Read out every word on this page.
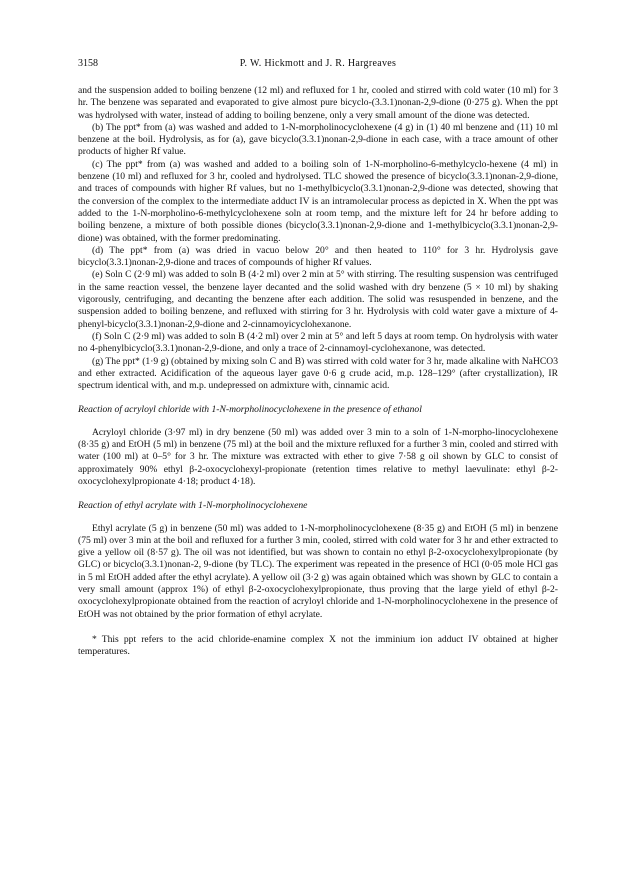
3158	P. W. Hickmott and J. R. Hargreaves

and the suspension added to boiling benzene (12 ml) and refluxed for 1 hr, cooled and stirred with cold water (10 ml) for 3 hr. The benzene was separated and evaporated to give almost pure bicyclo-(3.3.1)nonan-2,9-dione (0·275 g). When the ppt was hydrolysed with water, instead of adding to boiling benzene, only a very small amount of the dione was detected.

(b) The ppt* from (a) was washed and added to 1-N-morpholinocyclohexene (4 g) in (1) 40 ml benzene and (11) 10 ml benzene at the boil. Hydrolysis, as for (a), gave bicyclo(3.3.1)nonan-2,9-dione in each case, with a trace amount of other products of higher Rf value.

(c) The ppt* from (a) was washed and added to a boiling soln of 1-N-morpholino-6-methylcyclo-hexene (4 ml) in benzene (10 ml) and refluxed for 3 hr, cooled and hydrolysed. TLC showed the presence of bicyclo(3.3.1)nonan-2,9-dione, and traces of compounds with higher Rf values, but no 1-methylbicyclo(3.3.1)nonan-2,9-dione was detected, showing that the conversion of the complex to the intermediate adduct IV is an intramolecular process as depicted in X. When the ppt was added to the 1-N-morpholino-6-methylcyclohexene soln at room temp, and the mixture left for 24 hr before adding to boiling benzene, a mixture of both possible diones (bicyclo(3.3.1)nonan-2,9-dione and 1-methylbicyclo(3.3.1)nonan-2,9-dione) was obtained, with the former predominating.

(d) The ppt* from (a) was dried in vacuo below 20° and then heated to 110° for 3 hr. Hydrolysis gave bicyclo(3.3.1)nonan-2,9-dione and traces of compounds of higher Rf values.

(e) Soln C (2·9 ml) was added to soln B (4·2 ml) over 2 min at 5° with stirring. The resulting suspension was centrifuged in the same reaction vessel, the benzene layer decanted and the solid washed with dry benzene (5 × 10 ml) by shaking vigorously, centrifuging, and decanting the benzene after each addition. The solid was resuspended in benzene, and the suspension added to boiling benzene, and refluxed with stirring for 3 hr. Hydrolysis with cold water gave a mixture of 4-phenyl-bicyclo(3.3.1)nonan-2,9-dione and 2-cinnamoyicyclohexanone.

(f) Soln C (2·9 ml) was added to soln B (4·2 ml) over 2 min at 5° and left 5 days at room temp. On hydrolysis with water no 4-phenylbicyclo(3.3.1)nonan-2,9-dione, and only a trace of 2-cinnamoyl-cyclohexanone, was detected.

(g) The ppt* (1·9 g) (obtained by mixing soln C and B) was stirred with cold water for 3 hr, made alkaline with NaHCO3 and ether extracted. Acidification of the aqueous layer gave 0·6 g crude acid, m.p. 128–129° (after crystallization), IR spectrum identical with, and m.p. undepressed on admixture with, cinnamic acid.

Reaction of acryloyl chloride with 1-N-morpholinocyclohexene in the presence of ethanol

Acryloyl chloride (3·97 ml) in dry benzene (50 ml) was added over 3 min to a soln of 1-N-morpho-linocyclohexene (8·35 g) and EtOH (5 ml) in benzene (75 ml) at the boil and the mixture refluxed for a further 3 min, cooled and stirred with water (100 ml) at 0–5° for 3 hr. The mixture was extracted with ether to give 7·58 g oil shown by GLC to consist of approximately 90% ethyl β-2-oxocyclohexyl-propionate (retention times relative to methyl laevulinate: ethyl β-2-oxocyclohexylpropionate 4·18; product 4·18).

Reaction of ethyl acrylate with 1-N-morpholinocyclohexene

Ethyl acrylate (5 g) in benzene (50 ml) was added to 1-N-morpholinocyclohexene (8·35 g) and EtOH (5 ml) in benzene (75 ml) over 3 min at the boil and refluxed for a further 3 min, cooled, stirred with cold water for 3 hr and ether extracted to give a yellow oil (8·57 g). The oil was not identified, but was shown to contain no ethyl β-2-oxocyclohexylpropionate (by GLC) or bicyclo(3.3.1)nonan-2, 9-dione (by TLC). The experiment was repeated in the presence of HCl (0·05 mole HCl gas in 5 ml EtOH added after the ethyl acrylate). A yellow oil (3·2 g) was again obtained which was shown by GLC to contain a very small amount (approx 1%) of ethyl β-2-oxocyclohexylpropionate, thus proving that the large yield of ethyl β-2-oxocyclohexylpropionate obtained from the reaction of acryloyl chloride and 1-N-morpholinocyclohexene in the presence of EtOH was not obtained by the prior formation of ethyl acrylate.

* This ppt refers to the acid chloride-enamine complex X not the imminium ion adduct IV obtained at higher temperatures.
